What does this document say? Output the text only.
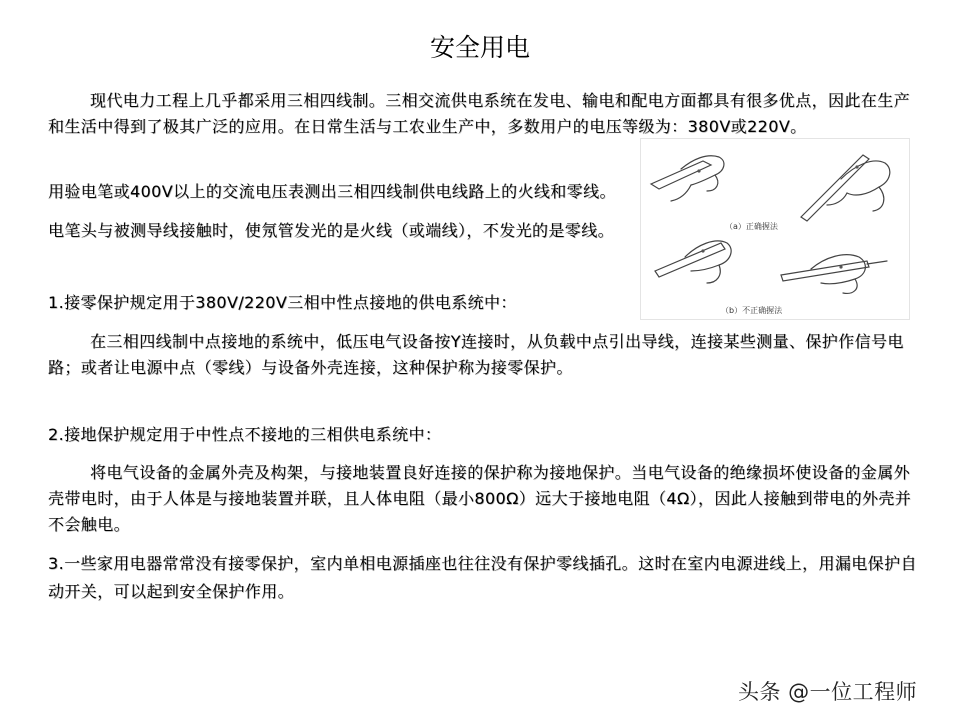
安全用电

现代电力工程上几乎都采用三相四线制。三相交流供电系统在发电、输电和配电方面都具有很多优点，因此在生产和生活中得到了极其广泛的应用。在日常生活与工农业生产中，多数用户的电压等级为：380V或220V。

用验电笔或400V以上的交流电压表测出三相四线制供电线路上的火线和零线。电笔头与被测导线接触时，使氖管发光的是火线（或端线），不发光的是零线。

1.接零保护规定用于380V/220V三相中性点接地的供电系统中：

在三相四线制中点接地的系统中，低压电气设备按Y连接时，从负载中点引出导线，连接某些测量、保护作信号电路；或者让电源中点（零线）与设备外壳连接，这种保护称为接零保护。

2.接地保护规定用于中性点不接地的三相供电系统中：

将电气设备的金属外壳及构架，与接地装置良好连接的保护称为接地保护。当电气设备的绝缘损坏使设备的金属外壳带电时，由于人体是与接地装置并联，且人体电阻（最小800Ω）远大于接地电阻（4Ω），因此人接触到带电的外壳并不会触电。

3.一些家用电器常常没有接零保护，室内单相电源插座也往往没有保护零线插孔。这时在室内电源进线上，用漏电保护自动开关，可以起到安全保护作用。

（a）正确握法
（b）不正确握法
头条 @一位工程师
